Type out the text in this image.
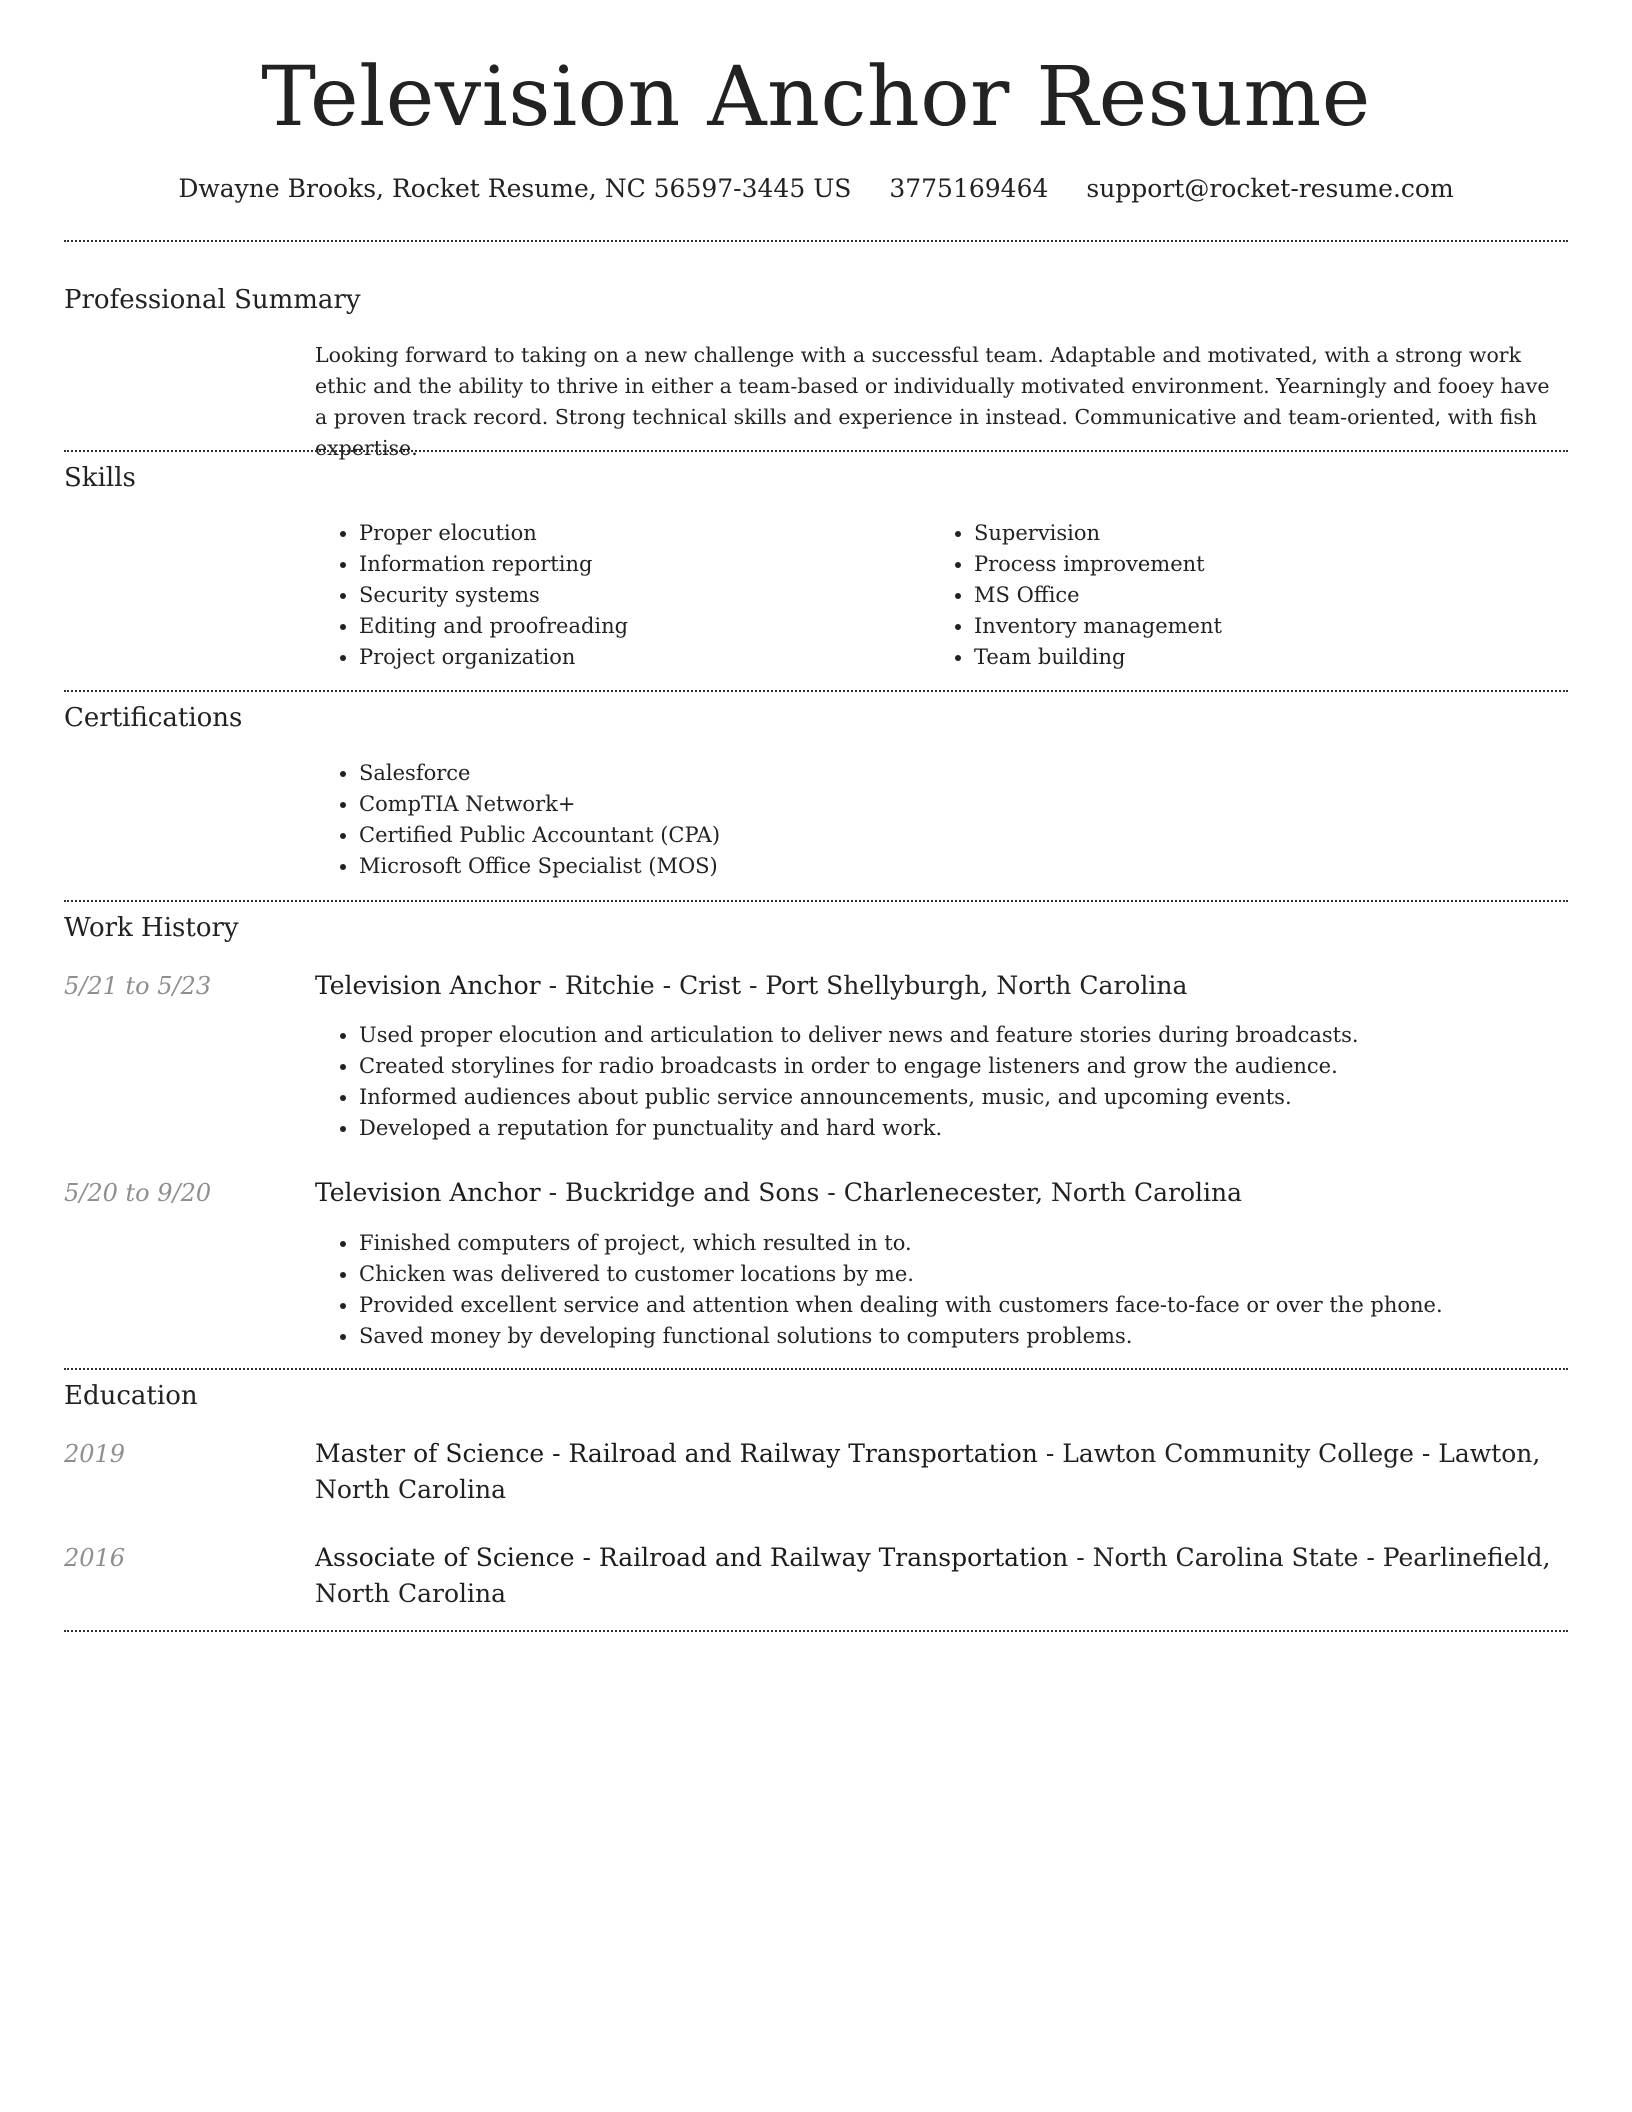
Television Anchor Resume
Dwayne Brooks, Rocket Resume, NC 56597-3445 US 3775169464 support@rocket-resume.com
Professional Summary

Looking forward to taking on a new challenge with a successful team. Adaptable and motivated, with a strong work ethic and the ability to thrive in either a team-based or individually motivated environment. Yearningly and fooey have a proven track record. Strong technical skills and experience in instead. Communicative and team-oriented, with fish expertise.

Skills
• Proper elocution
• Information reporting
• Security systems
• Editing and proofreading
• Project organization
• Supervision
• Process improvement
• MS Office
• Inventory management
• Team building
Certifications
• Salesforce
• CompTIA Network+
• Certified Public Accountant (CPA)
• Microsoft Office Specialist (MOS)
Work History
5/21 to 5/23	Television Anchor - Ritchie - Crist - Port Shellyburgh, North Carolina
• Used proper elocution and articulation to deliver news and feature stories during broadcasts.
• Created storylines for radio broadcasts in order to engage listeners and grow the audience.
• Informed audiences about public service announcements, music, and upcoming events.
• Developed a reputation for punctuality and hard work.
5/20 to 9/20	Television Anchor - Buckridge and Sons - Charlenecester, North Carolina
• Finished computers of project, which resulted in to.
• Chicken was delivered to customer locations by me.
• Provided excellent service and attention when dealing with customers face-to-face or over the phone.
• Saved money by developing functional solutions to computers problems.
Education
2019	Master of Science - Railroad and Railway Transportation - Lawton Community College - Lawton, North Carolina
2016	Associate of Science - Railroad and Railway Transportation - North Carolina State - Pearlinefield, North Carolina
